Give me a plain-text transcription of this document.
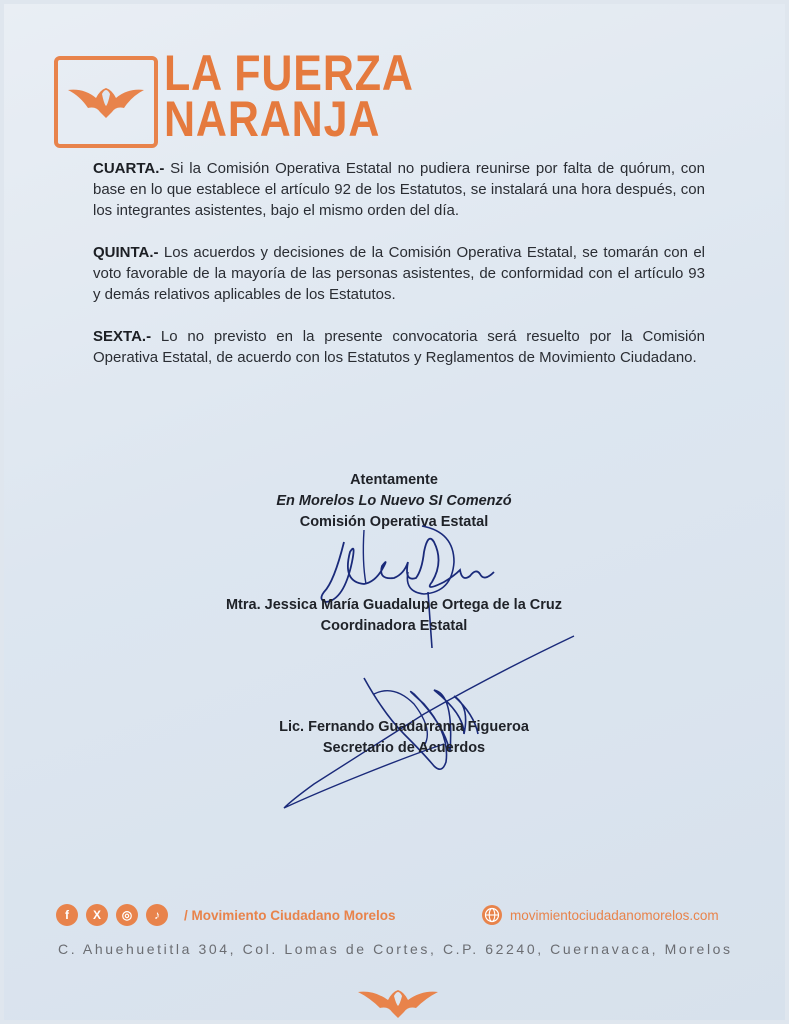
LA FUERZA
NARANJA
CUARTA.- Si la Comisión Operativa Estatal no pudiera reunirse por falta de quórum, con base en lo que establece el artículo 92 de los Estatutos, se instalará una hora después, con los integrantes asistentes, bajo el mismo orden del día.
QUINTA.- Los acuerdos y decisiones de la Comisión Operativa Estatal, se tomarán con el voto favorable de la mayoría de las personas asistentes, de conformidad con el artículo 93 y demás relativos aplicables de los Estatutos.
SEXTA.- Lo no previsto en la presente convocatoria será resuelto por la Comisión Operativa Estatal, de acuerdo con los Estatutos y Reglamentos de Movimiento Ciudadano.
Atentamente
En Morelos Lo Nuevo SI Comenzó
Comisión Operativa Estatal
Mtra. Jessica María Guadalupe Ortega de la Cruz
Coordinadora Estatal
Lic. Fernando Guadarrama Figueroa
Secretario de Acuerdos
f	X	◎	♪	/ Movimiento Ciudadano Morelos	movimientociudadanomorelos.com
C. Ahuehuetitla 304, Col. Lomas de Cortes, C.P. 62240, Cuernavaca, Morelos
